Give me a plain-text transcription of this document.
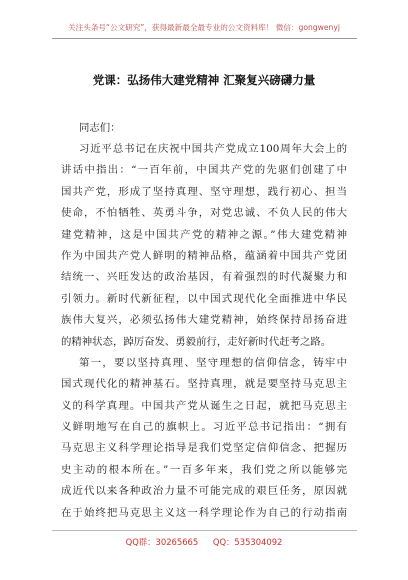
关注头条号“公文研究”，获得最新最全最专业的公文资料库！ 微信：gongwenyj
党课：弘扬伟大建党精神 汇聚复兴磅礴力量

同志们：

习近平总书记在庆祝中国共产党成立100周年大会上的

讲话中指出：“一百年前，中国共产党的先驱们创建了中

国共产党，形成了坚持真理、坚守理想，践行初心、担当

使命，不怕牺牲、英勇斗争，对党忠诚、不负人民的伟大

建党精神，这是中国共产党的精神之源。”伟大建党精神

作为中国共产党人鲜明的精神品格，蕴涵着中国共产党团

结统一、兴旺发达的政治基因，有着强烈的时代凝聚力和

引领力。新时代新征程，以中国式现代化全面推进中华民

族伟大复兴，必须弘扬伟大建党精神，始终保持昂扬奋进

的精神状态，踔厉奋发、勇毅前行，走好新时代赶考之路。

第一，要以坚持真理、坚守理想的信仰信念，铸牢中

国式现代化的精神基石。坚持真理，就是要坚持马克思主

义的科学真理。中国共产党从诞生之日起，就把马克思主

义鲜明地写在自己的旗帜上。习近平总书记指出：“拥有

马克思主义科学理论指导是我们党坚定信仰信念、把握历

史主动的根本所在。”一百多年来，我们党之所以能够完

成近代以来各种政治力量不可能完成的艰巨任务，原因就

在于始终把马克思主义这一科学理论作为自己的行动指南

QQ群：30265665 QQ：535304092
